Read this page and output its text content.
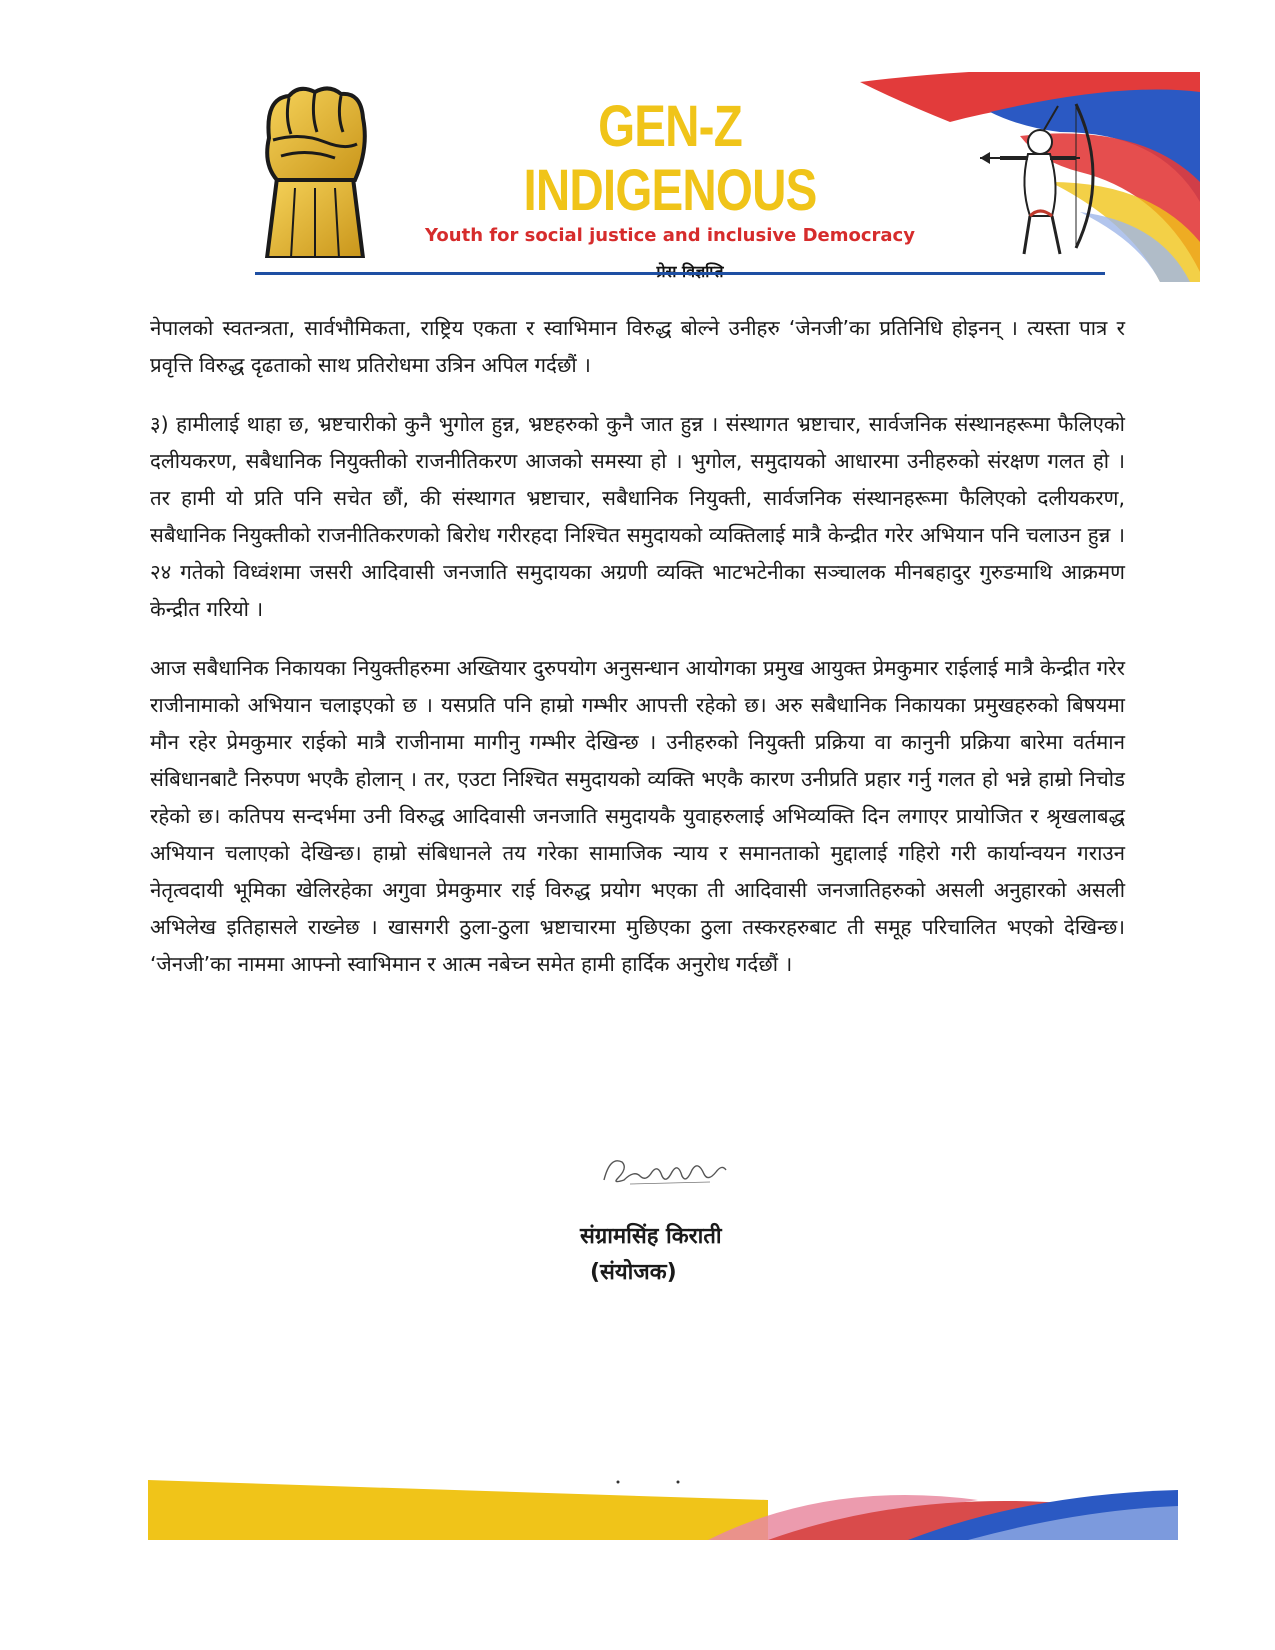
GEN-Z INDIGENOUS
Youth for social justice and inclusive Democracy

नेपालको स्वतन्त्रता, सार्वभौमिकता, राष्ट्रिय एकता र स्वाभिमान विरुद्ध बोल्ने उनीहरु ‘जेनजी’का प्रतिनिधि होइनन् । त्यस्ता पात्र र प्रवृत्ति विरुद्ध दृढताको साथ प्रतिरोधमा उत्रिन अपिल गर्दछौं ।

३) हामीलाई थाहा छ, भ्रष्टचारीको कुनै भुगोल हुन्न, भ्रष्टहरुको कुनै जात हुन्न । संस्थागत भ्रष्टाचार, सार्वजनिक संस्थानहरूमा फैलिएको दलीयकरण, सबैधानिक नियुक्तीको राजनीतिकरण आजको समस्या हो । भुगोल, समुदायको आधारमा उनीहरुको संरक्षण गलत हो । तर हामी यो प्रति पनि सचेत छौं, की संस्थागत भ्रष्टाचार, सबैधानिक नियुक्ती, सार्वजनिक संस्थानहरूमा फैलिएको दलीयकरण, सबैधानिक नियुक्तीको राजनीतिकरणको बिरोध गरीरहदा निश्चित समुदायको व्यक्तिलाई मात्रै केन्द्रीत गरेर अभियान पनि चलाउन हुन्न । २४ गतेको विध्वंशमा जसरी आदिवासी जनजाति समुदायका अग्रणी व्यक्ति भाटभटेनीका सञ्चालक मीनबहादुर गुरुङमाथि आक्रमण केन्द्रीत गरियो ।

आज सबैधानिक निकायका नियुक्तीहरुमा अख्तियार दुरुपयोग अनुसन्धान आयोगका प्रमुख आयुक्त प्रेमकुमार राईलाई मात्रै केन्द्रीत गरेर राजीनामाको अभियान चलाइएको छ । यसप्रति पनि हाम्रो गम्भीर आपत्ती रहेको छ। अरु सबैधानिक निकायका प्रमुखहरुको बिषयमा मौन रहेर प्रेमकुमार राईको मात्रै राजीनामा मागीनु गम्भीर देखिन्छ । उनीहरुको नियुक्ती प्रक्रिया वा कानुनी प्रक्रिया बारेमा वर्तमान संबिधानबाटै निरुपण भएकै होलान् । तर, एउटा निश्चित समुदायको व्यक्ति भएकै कारण उनीप्रति प्रहार गर्नु गलत हो भन्ने हाम्रो निचोड रहेको छ। कतिपय सन्दर्भमा उनी विरुद्ध आदिवासी जनजाति समुदायकै युवाहरुलाई अभिव्यक्ति दिन लगाएर प्रायोजित र श्रृखलाबद्ध अभियान चलाएको देखिन्छ। हाम्रो संबिधानले तय गरेका सामाजिक न्याय र समानताको मुद्दालाई गहिरो गरी कार्यान्वयन गराउन नेतृत्वदायी भूमिका खेलिरहेका अगुवा प्रेमकुमार राई विरुद्ध प्रयोग भएका ती आदिवासी जनजातिहरुको असली अनुहारको असली अभिलेख इतिहासले राख्नेछ । खासगरी ठुला-ठुला भ्रष्टाचारमा मुछिएका ठुला तस्करहरुबाट ती समूह परिचालित भएको देखिन्छ। ‘जेनजी’का नाममा आफ्नो स्वाभिमान र आत्म नबेच्न समेत हामी हार्दिक अनुरोध गर्दछौं ।

संग्रामसिंह किराती
(संयोजक)
